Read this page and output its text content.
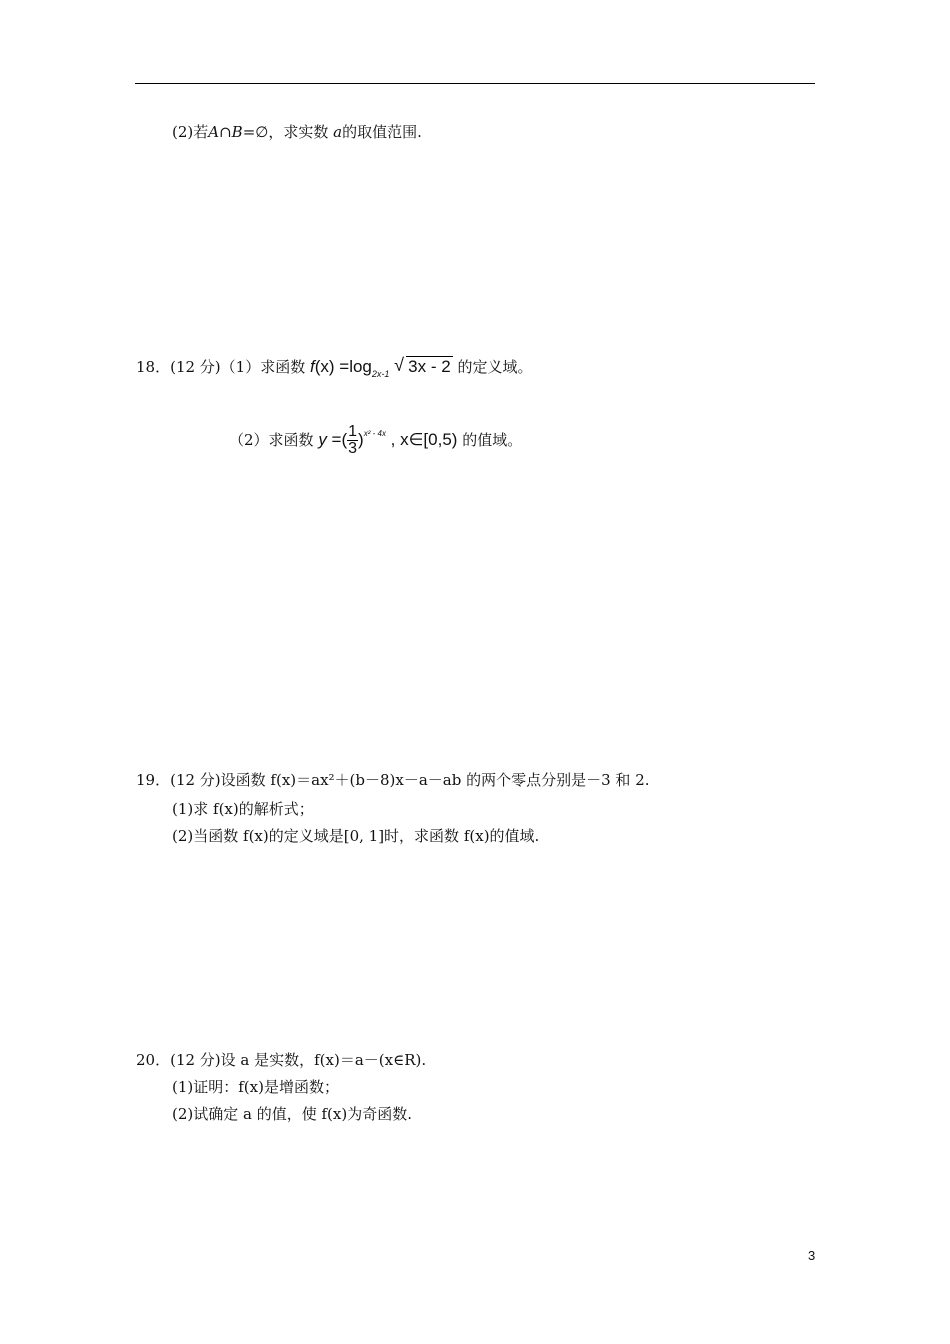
(2)若A∩B=∅，求实数 a的取值范围.
18．(12 分)（1）求函数 $f(x) =\log_{2x-1}$ √ 3x - 2 的定义域。
（2）求函数 y =( $\frac{1}{3} )^{x^2 - 4x}$ , x∈[0,5) 的值域。
19．(12 分)设函数 f(x)＝ax²＋(b－8)x－a－ab 的两个零点分别是－3 和 2.
(1)求 f(x)的解析式；
(2)当函数 f(x)的定义域是[0, 1]时，求函数 f(x)的值域.
20．(12 分)设 a 是实数，f(x)＝a－(x∈R).
(1)证明：f(x)是增函数；
(2)试确定 a 的值，使 f(x)为奇函数.
3
